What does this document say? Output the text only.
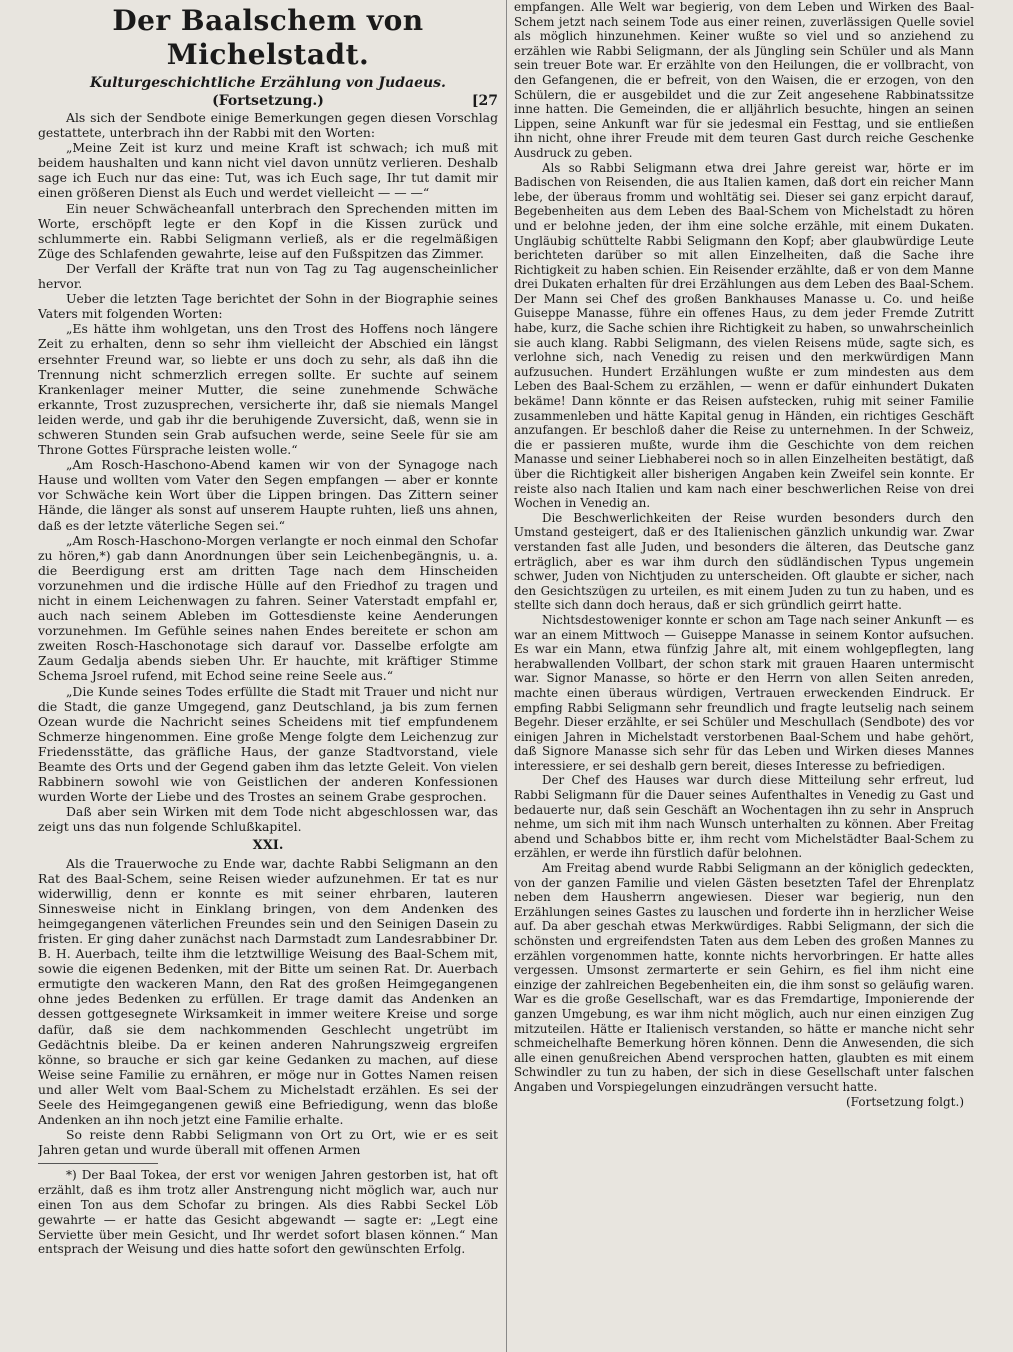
Der Baalschem von Michelstadt.
Kulturgeschichtliche Erzählung von Judaeus.
(Fortsetzung.)	[27

Als sich der Sendbote einige Bemerkungen gegen diesen Vorschlag gestattete, unterbrach ihn der Rabbi mit den Worten:

„Meine Zeit ist kurz und meine Kraft ist schwach; ich muß mit beidem haushalten und kann nicht viel davon unnütz verlieren. Deshalb sage ich Euch nur das eine: Tut, was ich Euch sage, Ihr tut damit mir einen größeren Dienst als Euch und werdet vielleicht — — —“

Ein neuer Schwächeanfall unterbrach den Sprechenden mitten im Worte, erschöpft legte er den Kopf in die Kissen zurück und schlummerte ein. Rabbi Seligmann verließ, als er die regelmäßigen Züge des Schlafenden gewahrte, leise auf den Fußspitzen das Zimmer.

Der Verfall der Kräfte trat nun von Tag zu Tag augenscheinlicher hervor.

Ueber die letzten Tage berichtet der Sohn in der Biographie seines Vaters mit folgenden Worten:

„Es hätte ihm wohlgetan, uns den Trost des Hoffens noch längere Zeit zu erhalten, denn so sehr ihm vielleicht der Abschied ein längst ersehnter Freund war, so liebte er uns doch zu sehr, als daß ihn die Trennung nicht schmerzlich erregen sollte. Er suchte auf seinem Krankenlager meiner Mutter, die seine zunehmende Schwäche erkannte, Trost zuzusprechen, versicherte ihr, daß sie niemals Mangel leiden werde, und gab ihr die beruhigende Zuversicht, daß, wenn sie in schweren Stunden sein Grab aufsuchen werde, seine Seele für sie am Throne Gottes Fürsprache leisten wolle.“

„Am Rosch-Haschono-Abend kamen wir von der Synagoge nach Hause und wollten vom Vater den Segen empfangen — aber er konnte vor Schwäche kein Wort über die Lippen bringen. Das Zittern seiner Hände, die länger als sonst auf unserem Haupte ruhten, ließ uns ahnen, daß es der letzte väterliche Segen sei.“

„Am Rosch-Haschono-Morgen verlangte er noch einmal den Schofar zu hören,*) gab dann Anordnungen über sein Leichenbegängnis, u. a. die Beerdigung erst am dritten Tage nach dem Hinscheiden vorzunehmen und die irdische Hülle auf den Friedhof zu tragen und nicht in einem Leichenwagen zu fahren. Seiner Vaterstadt empfahl er, auch nach seinem Ableben im Gottesdienste keine Aenderungen vorzunehmen. Im Gefühle seines nahen Endes bereitete er schon am zweiten Rosch-Haschonotage sich darauf vor. Dasselbe erfolgte am Zaum Gedalja abends sieben Uhr. Er hauchte, mit kräftiger Stimme Schema Jsroel rufend, mit Echod seine reine Seele aus.“

„Die Kunde seines Todes erfüllte die Stadt mit Trauer und nicht nur die Stadt, die ganze Umgegend, ganz Deutschland, ja bis zum fernen Ozean wurde die Nachricht seines Scheidens mit tief empfundenem Schmerze hingenommen. Eine große Menge folgte dem Leichenzug zur Friedensstätte, das gräfliche Haus, der ganze Stadtvorstand, viele Beamte des Orts und der Gegend gaben ihm das letzte Geleit. Von vielen Rabbinern sowohl wie von Geistlichen der anderen Konfessionen wurden Worte der Liebe und des Trostes an seinem Grabe gesprochen.

Daß aber sein Wirken mit dem Tode nicht abgeschlossen war, das zeigt uns das nun folgende Schlußkapitel.

XXI.

Als die Trauerwoche zu Ende war, dachte Rabbi Seligmann an den Rat des Baal-Schem, seine Reisen wieder aufzunehmen. Er tat es nur widerwillig, denn er konnte es mit seiner ehrbaren, lauteren Sinnesweise nicht in Einklang bringen, von dem Andenken des heimgegangenen väterlichen Freundes sein und den Seinigen Dasein zu fristen. Er ging daher zunächst nach Darmstadt zum Landesrabbiner Dr. B. H. Auerbach, teilte ihm die letztwillige Weisung des Baal-Schem mit, sowie die eigenen Bedenken, mit der Bitte um seinen Rat. Dr. Auerbach ermutigte den wackeren Mann, den Rat des großen Heimgegangenen ohne jedes Bedenken zu erfüllen. Er trage damit das Andenken an dessen gottgesegnete Wirksamkeit in immer weitere Kreise und sorge dafür, daß sie dem nachkommenden Geschlecht ungetrübt im Gedächtnis bleibe. Da er keinen anderen Nahrungszweig ergreifen könne, so brauche er sich gar keine Gedanken zu machen, auf diese Weise seine Familie zu ernähren, er möge nur in Gottes Namen reisen und aller Welt vom Baal-Schem zu Michelstadt erzählen. Es sei der Seele des Heimgegangenen gewiß eine Befriedigung, wenn das bloße Andenken an ihn noch jetzt eine Familie erhalte.

So reiste denn Rabbi Seligmann von Ort zu Ort, wie er es seit Jahren getan und wurde überall mit offenen Armen

*) Der Baal Tokea, der erst vor wenigen Jahren gestorben ist, hat oft erzählt, daß es ihm trotz aller Anstrengung nicht möglich war, auch nur einen Ton aus dem Schofar zu bringen. Als dies Rabbi Seckel Löb gewahrte — er hatte das Gesicht abgewandt — sagte er: „Legt eine Serviette über mein Gesicht, und Ihr werdet sofort blasen können.“ Man entsprach der Weisung und dies hatte sofort den gewünschten Erfolg.

empfangen. Alle Welt war begierig, von dem Leben und Wirken des Baal-Schem jetzt nach seinem Tode aus einer reinen, zuverlässigen Quelle soviel als möglich hinzunehmen. Keiner wußte so viel und so anziehend zu erzählen wie Rabbi Seligmann, der als Jüngling sein Schüler und als Mann sein treuer Bote war. Er erzählte von den Heilungen, die er vollbracht, von den Gefangenen, die er befreit, von den Waisen, die er erzogen, von den Schülern, die er ausgebildet und die zur Zeit angesehene Rabbinatssitze inne hatten. Die Gemeinden, die er alljährlich besuchte, hingen an seinen Lippen, seine Ankunft war für sie jedesmal ein Festtag, und sie entließen ihn nicht, ohne ihrer Freude mit dem teuren Gast durch reiche Geschenke Ausdruck zu geben.

Als so Rabbi Seligmann etwa drei Jahre gereist war, hörte er im Badischen von Reisenden, die aus Italien kamen, daß dort ein reicher Mann lebe, der überaus fromm und wohltätig sei. Dieser sei ganz erpicht darauf, Begebenheiten aus dem Leben des Baal-Schem von Michelstadt zu hören und er belohne jeden, der ihm eine solche erzähle, mit einem Dukaten. Ungläubig schüttelte Rabbi Seligmann den Kopf; aber glaubwürdige Leute berichteten darüber so mit allen Einzelheiten, daß die Sache ihre Richtigkeit zu haben schien. Ein Reisender erzählte, daß er von dem Manne drei Dukaten erhalten für drei Erzählungen aus dem Leben des Baal-Schem. Der Mann sei Chef des großen Bankhauses Manasse u. Co. und heiße Guiseppe Manasse, führe ein offenes Haus, zu dem jeder Fremde Zutritt habe, kurz, die Sache schien ihre Richtigkeit zu haben, so unwahrscheinlich sie auch klang. Rabbi Seligmann, des vielen Reisens müde, sagte sich, es verlohne sich, nach Venedig zu reisen und den merkwürdigen Mann aufzusuchen. Hundert Erzählungen wußte er zum mindesten aus dem Leben des Baal-Schem zu erzählen, — wenn er dafür einhundert Dukaten bekäme! Dann könnte er das Reisen aufstecken, ruhig mit seiner Familie zusammenleben und hätte Kapital genug in Händen, ein richtiges Geschäft anzufangen. Er beschloß daher die Reise zu unternehmen. In der Schweiz, die er passieren mußte, wurde ihm die Geschichte von dem reichen Manasse und seiner Liebhaberei noch so in allen Einzelheiten bestätigt, daß über die Richtigkeit aller bisherigen Angaben kein Zweifel sein konnte. Er reiste also nach Italien und kam nach einer beschwerlichen Reise von drei Wochen in Venedig an.

Die Beschwerlichkeiten der Reise wurden besonders durch den Umstand gesteigert, daß er des Italienischen gänzlich unkundig war. Zwar verstanden fast alle Juden, und besonders die älteren, das Deutsche ganz erträglich, aber es war ihm durch den südländischen Typus ungemein schwer, Juden von Nichtjuden zu unterscheiden. Oft glaubte er sicher, nach den Gesichtszügen zu urteilen, es mit einem Juden zu tun zu haben, und es stellte sich dann doch heraus, daß er sich gründlich geirrt hatte.

Nichtsdestoweniger konnte er schon am Tage nach seiner Ankunft — es war an einem Mittwoch — Guiseppe Manasse in seinem Kontor aufsuchen. Es war ein Mann, etwa fünfzig Jahre alt, mit einem wohlgepflegten, lang herabwallenden Vollbart, der schon stark mit grauen Haaren untermischt war. Signor Manasse, so hörte er den Herrn von allen Seiten anreden, machte einen überaus würdigen, Vertrauen erweckenden Eindruck. Er empfing Rabbi Seligmann sehr freundlich und fragte leutselig nach seinem Begehr. Dieser erzählte, er sei Schüler und Meschullach (Sendbote) des vor einigen Jahren in Michelstadt verstorbenen Baal-Schem und habe gehört, daß Signore Manasse sich sehr für das Leben und Wirken dieses Mannes interessiere, er sei deshalb gern bereit, dieses Interesse zu befriedigen.

Der Chef des Hauses war durch diese Mitteilung sehr erfreut, lud Rabbi Seligmann für die Dauer seines Aufenthaltes in Venedig zu Gast und bedauerte nur, daß sein Geschäft an Wochentagen ihn zu sehr in Anspruch nehme, um sich mit ihm nach Wunsch unterhalten zu können. Aber Freitag abend und Schabbos bitte er, ihm recht vom Michelstädter Baal-Schem zu erzählen, er werde ihn fürstlich dafür belohnen.

Am Freitag abend wurde Rabbi Seligmann an der königlich gedeckten, von der ganzen Familie und vielen Gästen besetzten Tafel der Ehrenplatz neben dem Hausherrn angewiesen. Dieser war begierig, nun den Erzählungen seines Gastes zu lauschen und forderte ihn in herzlicher Weise auf. Da aber geschah etwas Merkwürdiges. Rabbi Seligmann, der sich die schönsten und ergreifendsten Taten aus dem Leben des großen Mannes zu erzählen vorgenommen hatte, konnte nichts hervorbringen. Er hatte alles vergessen. Umsonst zermarterte er sein Gehirn, es fiel ihm nicht eine einzige der zahlreichen Begebenheiten ein, die ihm sonst so geläufig waren. War es die große Gesellschaft, war es das Fremdartige, Imponierende der ganzen Umgebung, es war ihm nicht möglich, auch nur einen einzigen Zug mitzuteilen. Hätte er Italienisch verstanden, so hätte er manche nicht sehr schmeichelhafte Bemerkung hören können. Denn die Anwesenden, die sich alle einen genußreichen Abend versprochen hatten, glaubten es mit einem Schwindler zu tun zu haben, der sich in diese Gesellschaft unter falschen Angaben und Vorspiegelungen einzudrängen versucht hatte.

(Fortsetzung folgt.)
